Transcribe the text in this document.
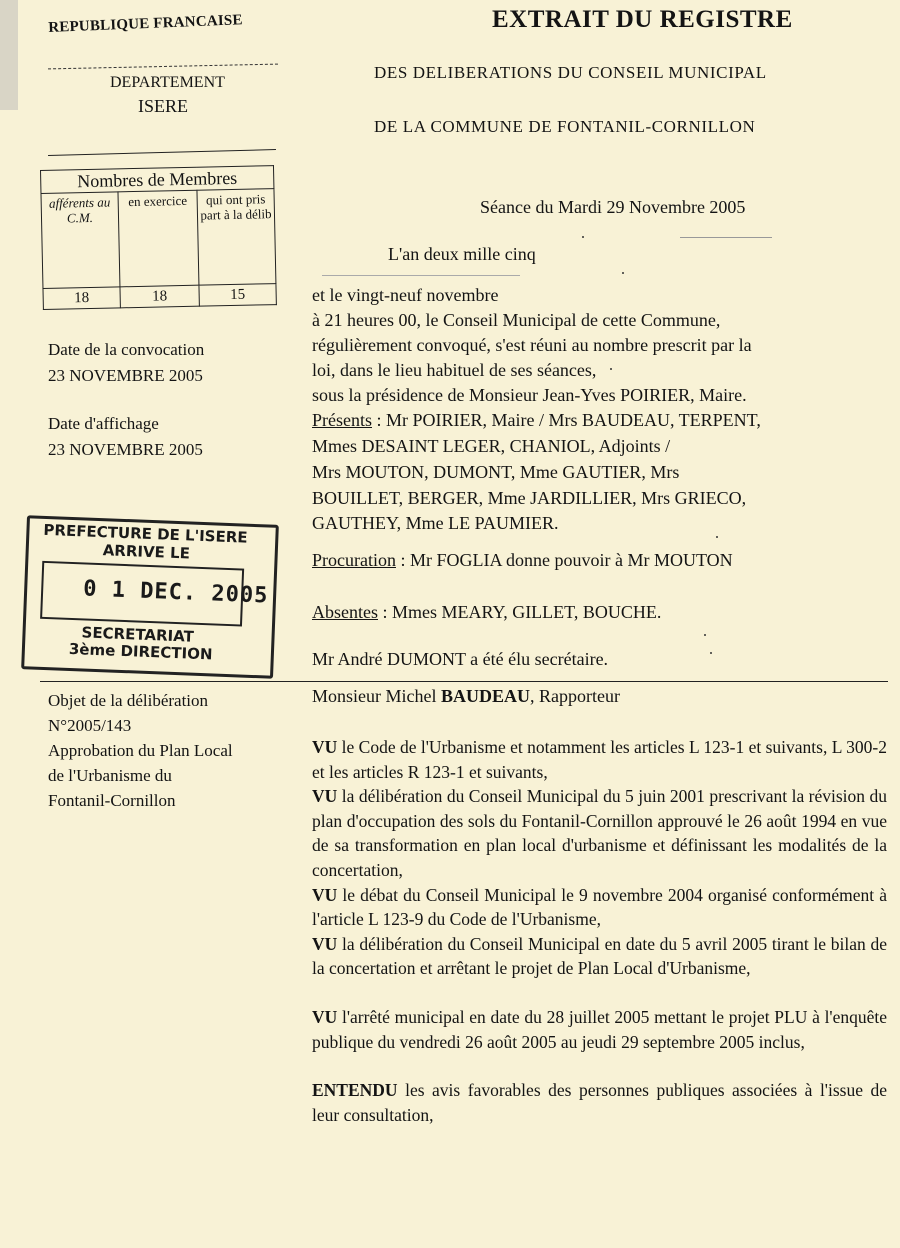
REPUBLIQUE FRANCAISE
DEPARTEMENT
ISERE
EXTRAIT DU REGISTRE
DES DELIBERATIONS DU CONSEIL MUNICIPAL
DE LA COMMUNE DE FONTANIL-CORNILLON
Nombres de Membres		
afférents au C.M.	en exercice	qui ont pris part à la délib
18	18	15
Date de la convocation
23 NOVEMBRE 2005
Date d'affichage
23 NOVEMBRE 2005
PREFECTURE DE L'ISERE
ARRIVE LE
0 1 DEC. 2005
SECRETARIAT
3ème DIRECTION
Séance du Mardi 29 Novembre 2005
L'an deux mille cinq
et le vingt-neuf novembre
à 21 heures 00, le Conseil Municipal de cette Commune,
régulièrement convoqué, s'est réuni au nombre prescrit par la
loi, dans le lieu habituel de ses séances,
sous la présidence de Monsieur Jean-Yves POIRIER, Maire.
Présents : Mr POIRIER, Maire / Mrs BAUDEAU, TERPENT,
Mmes DESAINT LEGER, CHANIOL, Adjoints /
Mrs MOUTON, DUMONT, Mme GAUTIER, Mrs
BOUILLET, BERGER, Mme JARDILLIER, Mrs GRIECO,
GAUTHEY, Mme LE PAUMIER.
Procuration : Mr FOGLIA donne pouvoir à Mr MOUTON
Absentes : Mmes MEARY, GILLET, BOUCHE.
Mr André DUMONT a été élu secrétaire.
Objet de la délibération
N°2005/143
Approbation du Plan Local
de l'Urbanisme du
Fontanil-Cornillon
Monsieur Michel BAUDEAU, Rapporteur

VU le Code de l'Urbanisme et notamment les articles L 123-1 et suivants, L 300-2 et les articles R 123-1 et suivants,

VU la délibération du Conseil Municipal du 5 juin 2001 prescrivant la révision du plan d'occupation des sols du Fontanil-Cornillon approuvé le 26 août 1994 en vue de sa transformation en plan local d'urbanisme et définissant les modalités de la concertation,

VU le débat du Conseil Municipal le 9 novembre 2004 organisé conformément à l'article L 123-9 du Code de l'Urbanisme,

VU la délibération du Conseil Municipal en date du 5 avril 2005 tirant le bilan de la concertation et arrêtant le projet de Plan Local d'Urbanisme,

VU l'arrêté municipal en date du 28 juillet 2005 mettant le projet PLU à l'enquête publique du vendredi 26 août 2005 au jeudi 29 septembre 2005 inclus,

ENTENDU les avis favorables des personnes publiques associées à l'issue de leur consultation,
